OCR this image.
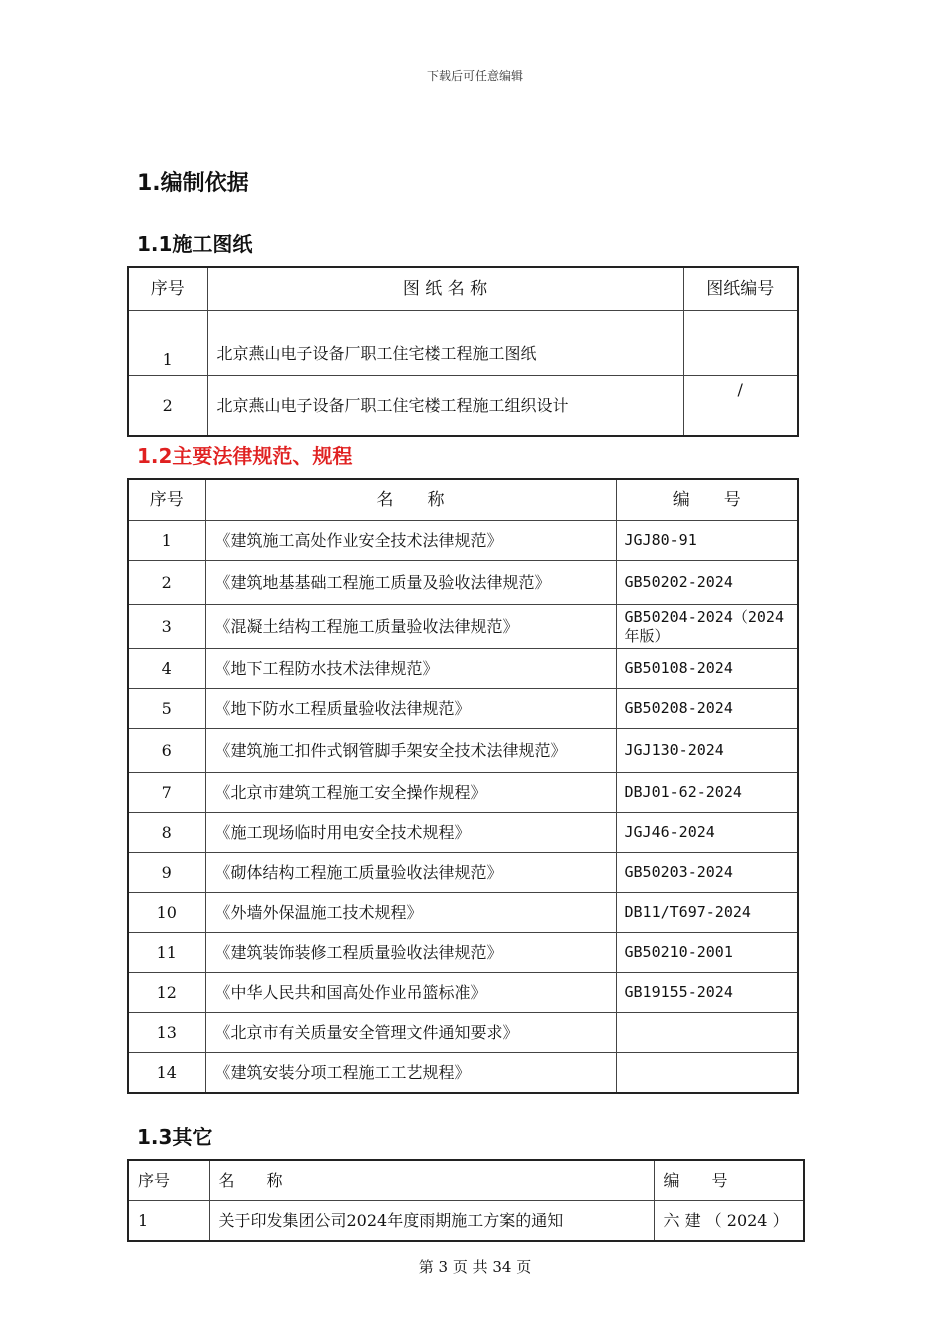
下载后可任意编辑
1.编制依据
1.1施工图纸
序号	图 纸 名 称	图纸编号
1	北京燕山电子设备厂职工住宅楼工程施工图纸	
2	北京燕山电子设备厂职工住宅楼工程施工组织设计	/
1.2主要法律规范、规程
序号	名　　称	编　　号
1	《建筑施工高处作业安全技术法律规范》	JGJ80-91
2	《建筑地基基础工程施工质量及验收法律规范》	GB50202-2024
3	《混凝土结构工程施工质量验收法律规范》	GB50204-2024（2024年版）
4	《地下工程防水技术法律规范》	GB50108-2024
5	《地下防水工程质量验收法律规范》	GB50208-2024
6	《建筑施工扣件式钢管脚手架安全技术法律规范》	JGJ130-2024
7	《北京市建筑工程施工安全操作规程》	DBJ01-62-2024
8	《施工现场临时用电安全技术规程》	JGJ46-2024
9	《砌体结构工程施工质量验收法律规范》	GB50203-2024
10	《外墙外保温施工技术规程》	DB11/T697-2024
11	《建筑装饰装修工程质量验收法律规范》	GB50210-2001
12	《中华人民共和国高处作业吊篮标准》	GB19155-2024
13	《北京市有关质量安全管理文件通知要求》	
14	《建筑安装分项工程施工工艺规程》	
1.3其它
序号	名　　称	编　　号
1	关于印发集团公司2024年度雨期施工方案的通知	六 建 （ 2024 ）
第 3 页 共 34 页
